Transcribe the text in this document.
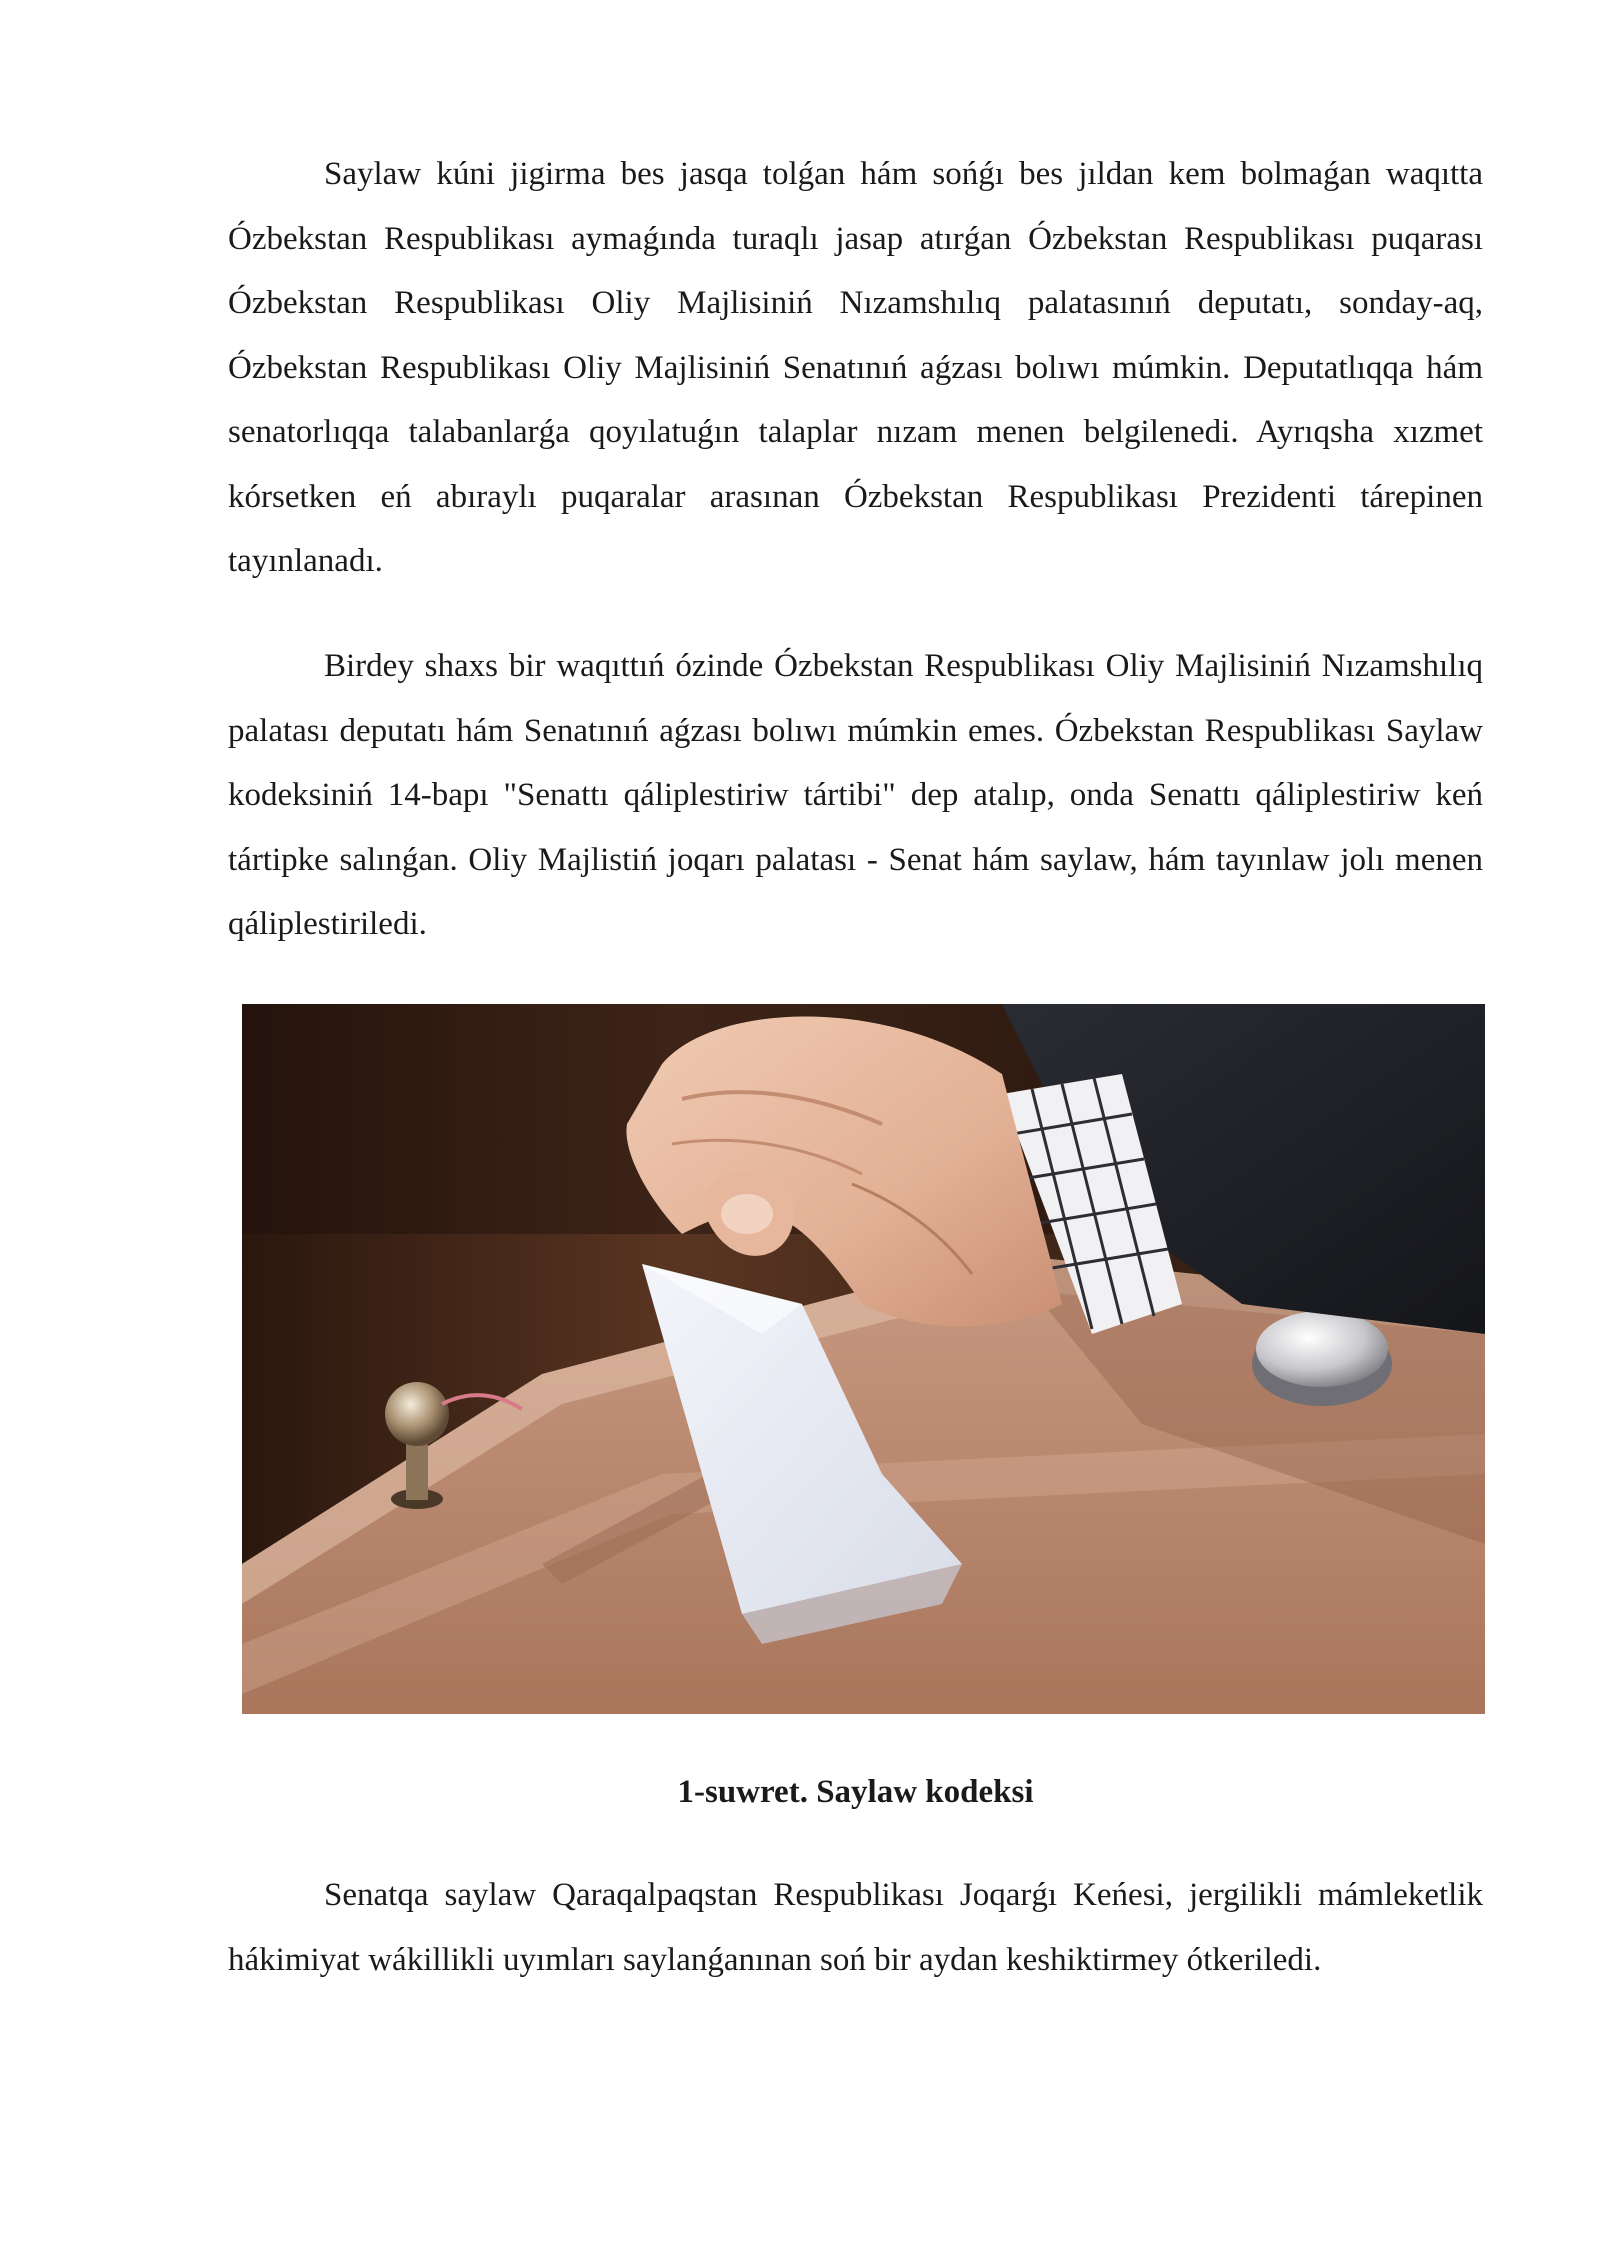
Saylaw kúni jigirma bes jasqa tolǵan hám sońǵı bes jıldan kem bolmaǵan waqıtta Ózbekstan Respublikası aymaǵında turaqlı jasap atırǵan Ózbekstan Respublikası puqarası Ózbekstan Respublikası Oliy Majlisiniń Nızamshılıq palatasınıń deputatı, sonday-aq, Ózbekstan Respublikası Oliy Majlisiniń Senatınıń aǵzası bolıwı múmkin. Deputatlıqqa hám senatorlıqqa talabanlarǵa qoyılatuǵın talaplar nızam menen belgilenedi. Ayrıqsha xızmet kórsetken eń abıraylı puqaralar arasınan Ózbekstan Respublikası Prezidenti tárepinen tayınlanadı.

Birdey shaxs bir waqıttıń ózinde Ózbekstan Respublikası Oliy Majlisiniń Nızamshılıq palatası deputatı hám Senatınıń aǵzası bolıwı múmkin emes. Ózbekstan Respublikası Saylaw kodeksiniń 14-bapı "Senattı qáliplestiriw tártibi" dep atalıp, onda Senattı qáliplestiriw keń tártipke salınǵan. Oliy Majlistiń joqarı palatası - Senat hám saylaw, hám tayınlaw jolı menen qáliplestiriledi.

1-suwret. Saylaw kodeksi

Senatqa saylaw Qaraqalpaqstan Respublikası Joqarǵı Keńesi, jergilikli mámleketlik hákimiyat wákillikli uyımları saylanǵanınan soń bir aydan keshiktirmey ótkeriledi.
